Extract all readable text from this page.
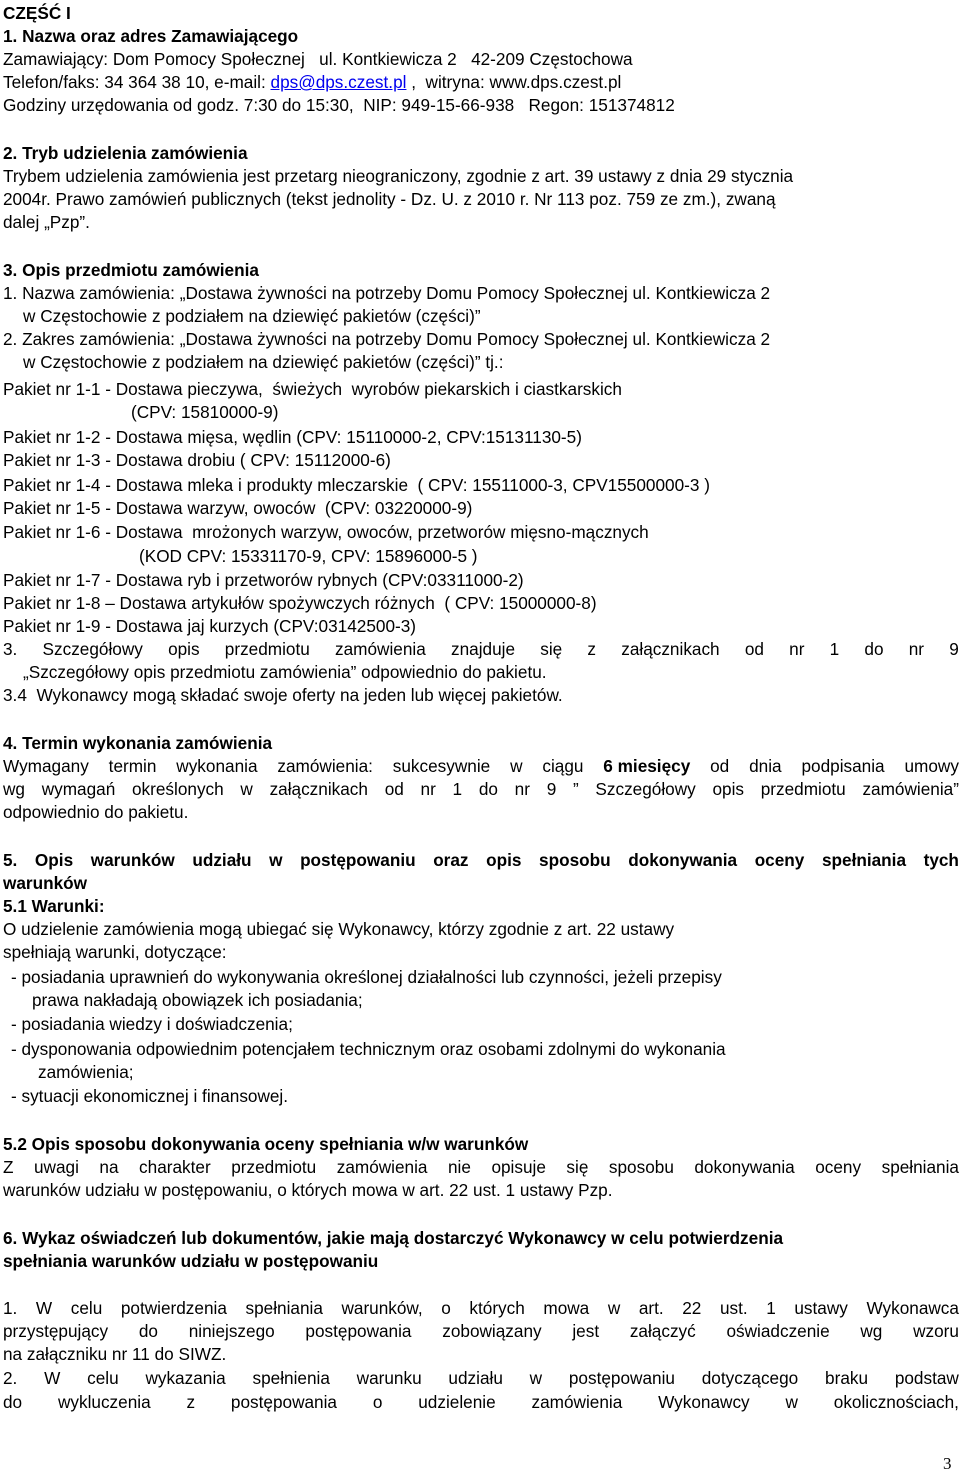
CZĘŚĆ I
1. Nazwa oraz adres Zamawiającego
Zamawiający: Dom Pomocy Społecznej   ul. Kontkiewicza 2   42-209 Częstochowa
Telefon/faks: 34 364 38 10, e-mail: dps@dps.czest.pl ,  witryna: www.dps.czest.pl
Godziny urzędowania od godz. 7:30 do 15:30,  NIP: 949-15-66-938   Regon: 151374812
2. Tryb udzielenia zamówienia
Trybem udzielenia zamówienia jest przetarg nieograniczony, zgodnie z art. 39 ustawy z dnia 29 stycznia
2004r. Prawo zamówień publicznych (tekst jednolity - Dz. U. z 2010 r. Nr 113 poz. 759 ze zm.), zwaną
dalej „Pzp”.
3. Opis przedmiotu zamówienia
1. Nazwa zamówienia: „Dostawa żywności na potrzeby Domu Pomocy Społecznej ul. Kontkiewicza 2
w Częstochowie z podziałem na dziewięć pakietów (części)”
2. Zakres zamówienia: „Dostawa żywności na potrzeby Domu Pomocy Społecznej ul. Kontkiewicza 2
w Częstochowie z podziałem na dziewięć pakietów (części)” tj.:
Pakiet nr 1-1 - Dostawa pieczywa,  świeżych  wyrobów piekarskich i ciastkarskich
(CPV: 15810000-9)
Pakiet nr 1-2 - Dostawa mięsa, wędlin (CPV: 15110000-2, CPV:15131130-5)
Pakiet nr 1-3 - Dostawa drobiu ( CPV: 15112000-6)
Pakiet nr 1-4 - Dostawa mleka i produkty mleczarskie  ( CPV: 15511000-3, CPV15500000-3 )
Pakiet nr 1-5 - Dostawa warzyw, owoców  (CPV: 03220000-9)
Pakiet nr 1-6 - Dostawa  mrożonych warzyw, owoców, przetworów mięsno-mącznych
(KOD CPV: 15331170-9, CPV: 15896000-5 )
Pakiet nr 1-7 - Dostawa ryb i przetworów rybnych (CPV:03311000-2)
Pakiet nr 1-8 – Dostawa artykułów spożywczych różnych  ( CPV: 15000000-8)
Pakiet nr 1-9 - Dostawa jaj kurzych (CPV:03142500-3)
3. Szczegółowy opis przedmiotu zamówienia znajduje się z załącznikach od nr 1 do nr 9
„Szczegółowy opis przedmiotu zamówienia” odpowiednio do pakietu.
3.4  Wykonawcy mogą składać swoje oferty na jeden lub więcej pakietów.
4. Termin wykonania zamówienia
Wymagany termin wykonania zamówienia: sukcesywnie w ciągu 6 miesięcy od dnia podpisania umowy
wg wymagań określonych w załącznikach od nr 1 do nr 9 ” Szczegółowy opis przedmiotu zamówienia”
odpowiednio do pakietu.
5. Opis warunków udziału w postępowaniu oraz opis sposobu dokonywania oceny spełniania tych
warunków
5.1 Warunki:
O udzielenie zamówienia mogą ubiegać się Wykonawcy, którzy zgodnie z art. 22 ustawy
spełniają warunki, dotyczące:
- posiadania uprawnień do wykonywania określonej działalności lub czynności, jeżeli przepisy
prawa nakładają obowiązek ich posiadania;
- posiadania wiedzy i doświadczenia;
- dysponowania odpowiednim potencjałem technicznym oraz osobami zdolnymi do wykonania
zamówienia;
- sytuacji ekonomicznej i finansowej.
5.2 Opis sposobu dokonywania oceny spełniania w/w warunków
Z uwagi na charakter przedmiotu zamówienia nie opisuje się sposobu dokonywania oceny spełniania
warunków udziału w postępowaniu, o których mowa w art. 22 ust. 1 ustawy Pzp.
6. Wykaz oświadczeń lub dokumentów, jakie mają dostarczyć Wykonawcy w celu potwierdzenia
spełniania warunków udziału w postępowaniu
1. W celu potwierdzenia spełniania warunków, o których mowa w art. 22 ust. 1 ustawy Wykonawca
przystępujący do niniejszego postępowania zobowiązany jest załączyć oświadczenie wg wzoru
na załączniku nr 11 do SIWZ.
2. W celu wykazania spełnienia warunku udziału w postępowaniu dotyczącego braku podstaw
do wykluczenia z postępowania o udzielenie zamówienia Wykonawcy w okolicznościach,
3
